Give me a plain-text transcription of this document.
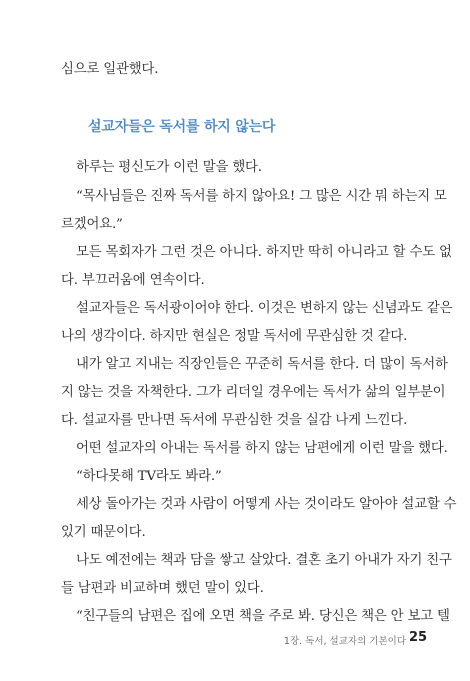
심으로 일관했다.
설교자들은 독서를 하지 않는다
하루는 평신도가 이런 말을 했다.
“목사님들은 진짜 독서를 하지 않아요! 그 많은 시간 뭐 하는지 모
르겠어요.”
모든 목회자가 그런 것은 아니다. 하지만 딱히 아니라고 할 수도 없
다. 부끄러움에 연속이다.
설교자들은 독서광이어야 한다. 이것은 변하지 않는 신념과도 같은
나의 생각이다. 하지만 현실은 정말 독서에 무관심한 것 같다.
내가 알고 지내는 직장인들은 꾸준히 독서를 한다. 더 많이 독서하
지 않는 것을 자책한다. 그가 리더일 경우에는 독서가 삶의 일부분이
다. 설교자를 만나면 독서에 무관심한 것을 실감 나게 느낀다.
어떤 설교자의 아내는 독서를 하지 않는 남편에게 이런 말을 했다.
“하다못해 TV라도 봐라.”
세상 돌아가는 것과 사람이 어떻게 사는 것이라도 알아야 설교할 수
있기 때문이다.
나도 예전에는 책과 담을 쌓고 살았다. 결혼 초기 아내가 자기 친구
들 남편과 비교하며 했던 말이 있다.
“친구들의 남편은 집에 오면 책을 주로 봐. 당신은 책은 안 보고 텔
1장. 독서, 설교자의 기본이다 25
